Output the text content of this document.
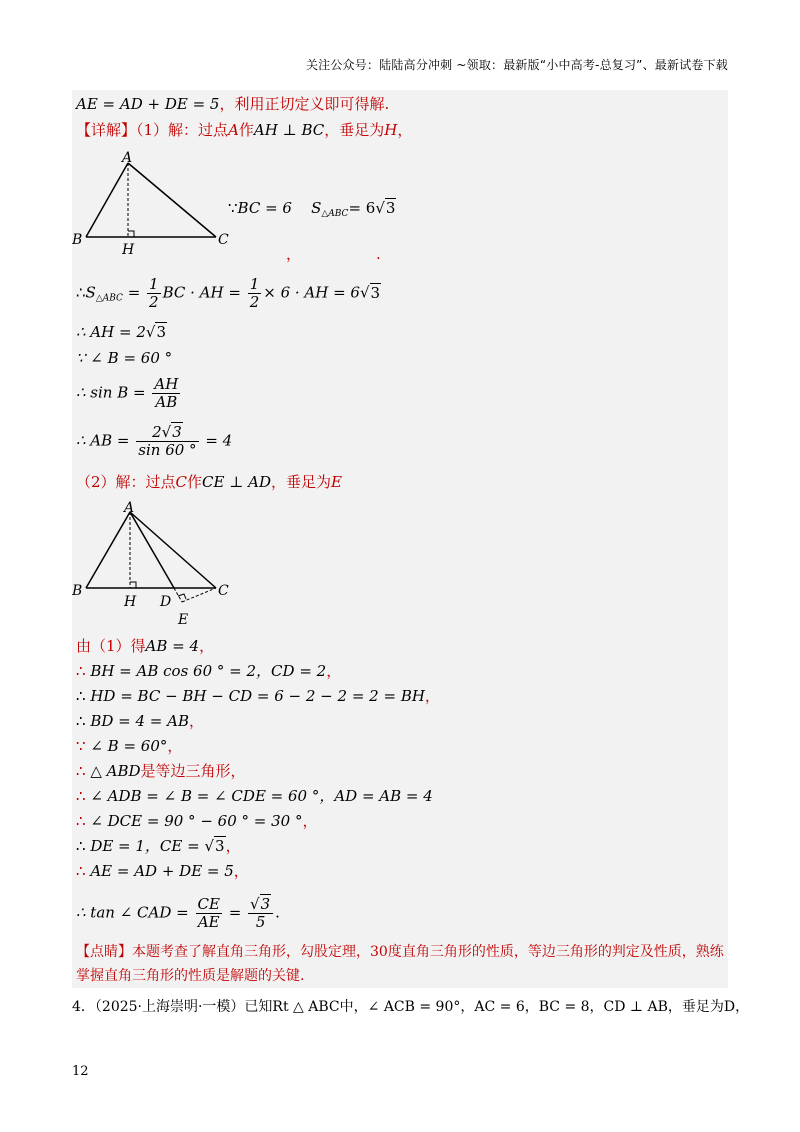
关注公众号：陆陆高分冲刺 ~领取：最新版“小中高考-总复习”、最新试卷下载
AE = AD + DE = 5，利用正切定义即可得解.
【详解】（1）解：过点A作AH ⊥ BC，垂足为H，
A
B	C
H
∵BC = 6 $S_{\triangle ABC}= 6√3$
，	.
$\therefore S_{\triangle ABC} = \frac{1}{2}$ BC · AH = $\frac{1}{2} \times 6$ · AH = 6√3
∴ AH = 2√3
∵ ∠ B = 60 °
∴ $\sin B = \frac{AH}{AB}$
∴ AB = $\frac{2√3}{\sin 60 ^\circ} = 4$
（2）解：过点C作CE ⊥ AD，垂足为E
A
B	C
H D
E
由（1）得AB = 4，
∴ BH = AB cos 60 ° = 2，CD = 2，
∴ HD = BC − BH − CD = 6 − 2 − 2 = 2 = BH，
∴ BD = 4 = AB，
∵ ∠ B = 60°，
∴ △ ABD是等边三角形，
∴ ∠ ADB = ∠ B = ∠ CDE = 60 °，AD = AB = 4
∴ ∠ DCE = 90 ° − 60 ° = 30 °，
∴ DE = 1，CE = √3，
∴ AE = AD + DE = 5，
∴ tan ∠ CAD = $\frac{CE}{AE} = \frac{√3}{5}$ .
【点睛】本题考查了解直角三角形，勾股定理，30度直角三角形的性质，等边三角形的判定及性质，熟练
掌握直角三角形的性质是解题的关键.
4．（2025·上海崇明·一模）已知Rt △ ABC中，∠ ACB = 90°，AC = 6，BC = 8，CD ⊥ AB，垂足为D，
12
